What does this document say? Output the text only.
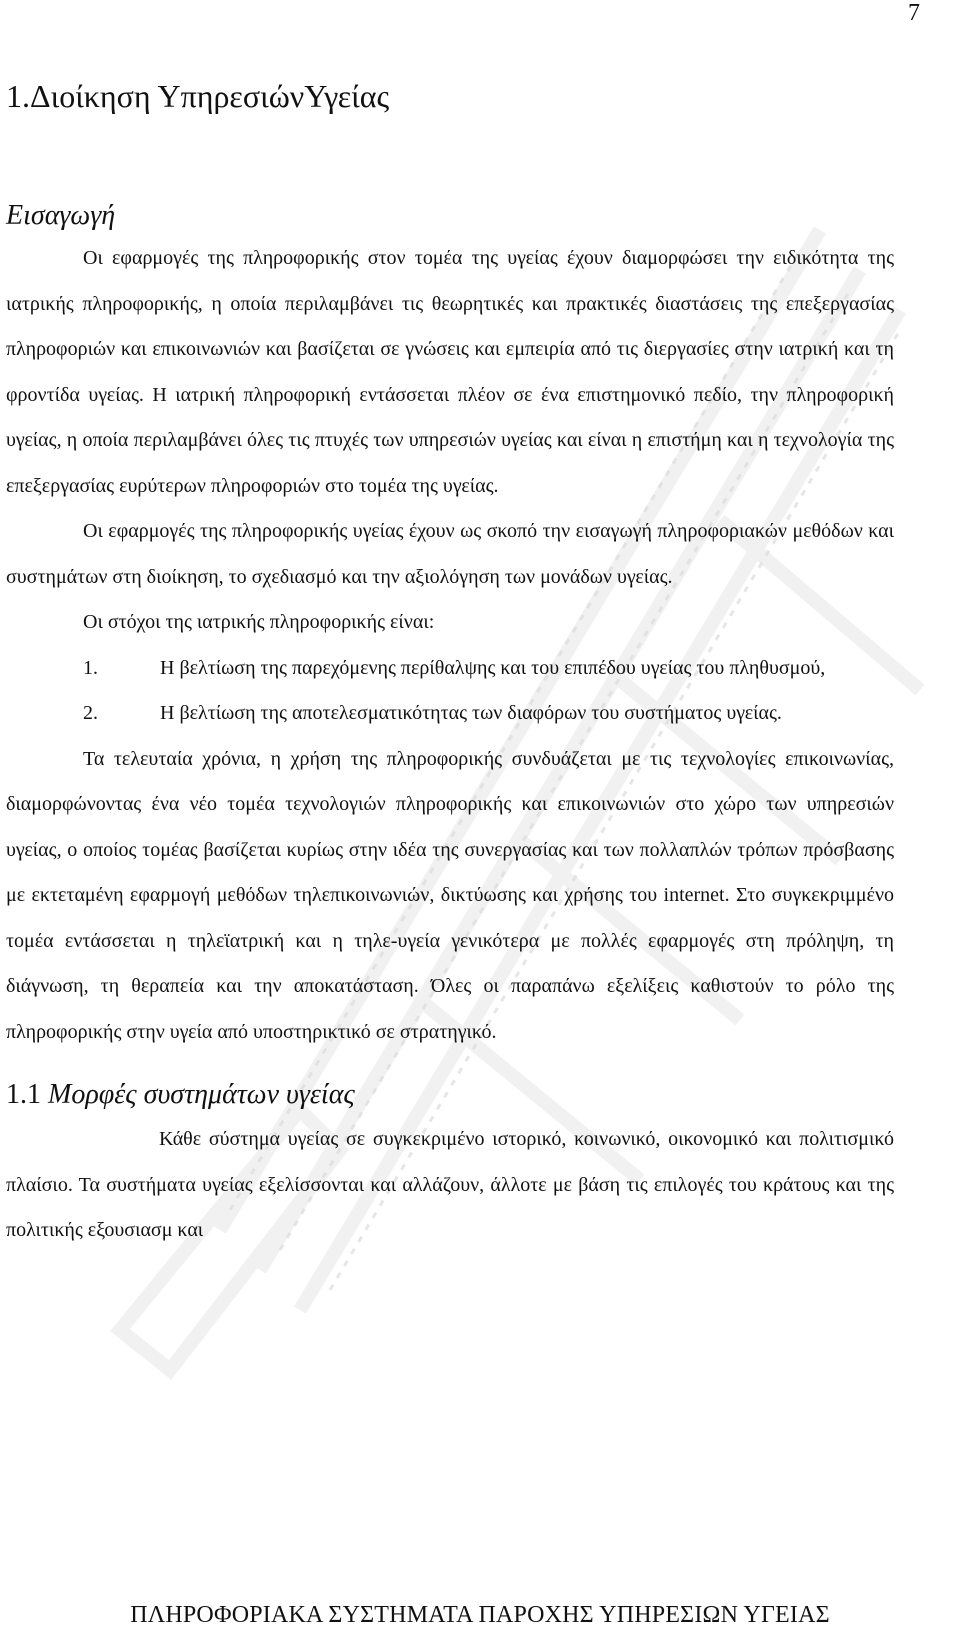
7
1.Διοίκηση ΥπηρεσιώνΥγείας
Εισαγωγή

Οι εφαρμογές της πληροφορικής στον τομέα της υγείας έχουν διαμορφώσει την ειδικότητα της ιατρικής πληροφορικής, η οποία περιλαμβάνει τις θεωρητικές και πρακτικές διαστάσεις της επεξεργασίας πληροφοριών και επικοινωνιών και βασίζεται σε γνώσεις και εμπειρία από τις διεργασίες στην ιατρική και τη φροντίδα υγείας. Η ιατρική πληροφορική εντάσσεται πλέον σε ένα επιστημονικό πεδίο, την πληροφορική υγείας, η οποία περιλαμβάνει όλες τις πτυχές των υπηρεσιών υγείας και είναι η επιστήμη και η τεχνολογία της επεξεργασίας ευρύτερων πληροφοριών στο τομέα της υγείας.

Οι εφαρμογές της πληροφορικής υγείας έχουν ως σκοπό την εισαγωγή πληροφοριακών μεθόδων και συστημάτων στη διοίκηση, το σχεδιασμό και την αξιολόγηση των μονάδων υγείας.

Οι στόχοι της ιατρικής πληροφορικής είναι:

1.	Η βελτίωση της παρεχόμενης περίθαλψης και του επιπέδου υγείας του πληθυσμού,

2.	Η βελτίωση της αποτελεσματικότητας των διαφόρων του συστήματος υγείας.

Τα τελευταία χρόνια, η χρήση της πληροφορικής συνδυάζεται με τις τεχνολογίες επικοινωνίας, διαμορφώνοντας ένα νέο τομέα τεχνολογιών πληροφορικής και επικοινωνιών στο χώρο των υπηρεσιών υγείας, ο οποίος τομέας βασίζεται κυρίως στην ιδέα της συνεργασίας και των πολλαπλών τρόπων πρόσβασης με εκτεταμένη εφαρμογή μεθόδων τηλεπικοινωνιών, δικτύωσης και χρήσης του internet. Στο συγκεκριμμένο τομέα εντάσσεται η τηλεϊατρική και η τηλε-υγεία γενικότερα με πολλές εφαρμογές στη πρόληψη, τη διάγνωση, τη θεραπεία και την αποκατάσταση. Όλες οι παραπάνω εξελίξεις καθιστούν το ρόλο της πληροφορικής στην υγεία από υποστηρικτικό σε στρατηγικό.

1.1 Μορφές συστημάτων υγείας

Κάθε σύστημα υγείας σε συγκεκριμένο ιστορικό, κοινωνικό, οικονομικό και πολιτισμικό πλαίσιο. Τα συστήματα υγείας εξελίσσονται και αλλάζουν, άλλοτε με βάση τις επιλογές του κράτους και της πολιτικής εξουσιασμ και

ΠΛΗΡΟΦΟΡΙΑΚΑ ΣΥΣΤΗΜΑΤΑ ΠΑΡΟΧΗΣ ΥΠΗΡΕΣΙΩΝ ΥΓΕΙΑΣ
